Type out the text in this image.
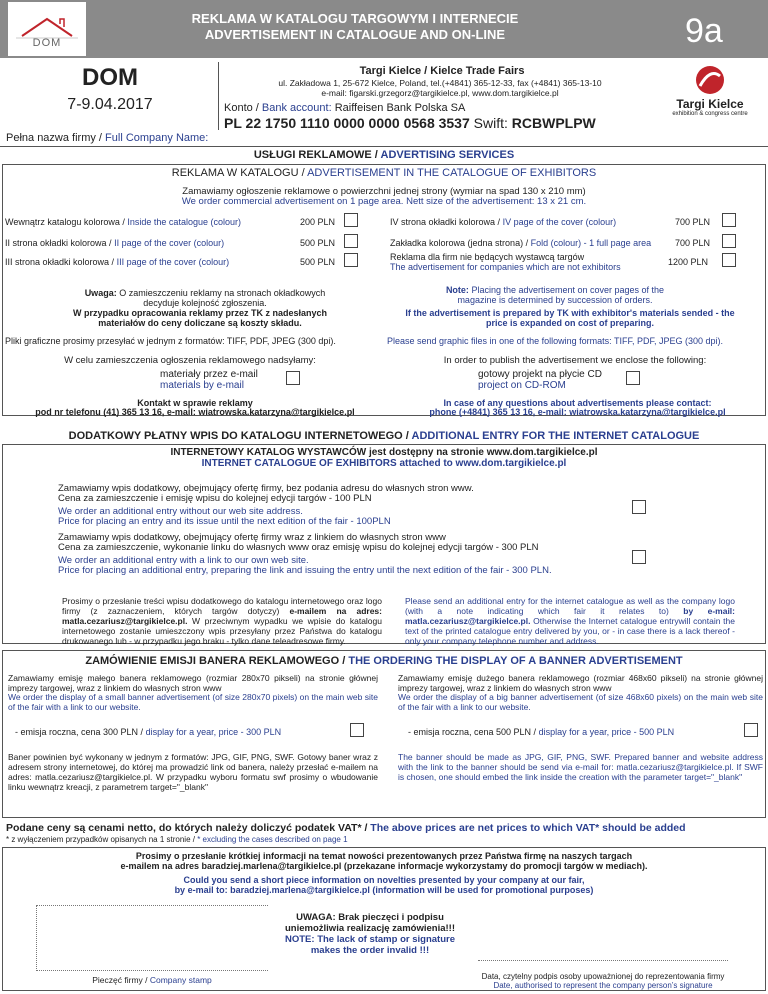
DOM
REKLAMA W KATALOGU TARGOWYM I INTERNECIE
ADVERTISEMENT IN CATALOGUE AND ON-LINE	9a
DOM
7-9.04.2017
Targi Kielce / Kielce Trade Fairs
ul. Zakładowa 1, 25-672 Kielce, Poland, tel.(+4841) 365-12-33, fax (+4841) 365-13-10
e-mail: figarski.grzegorz@targikielce.pl, www.dom.targikielce.pl
Konto / Bank account: Raiffeisen Bank Polska SA
PL 22 1750 1110 0000 0000 0568 3537 Swift: RCBWPLPW
Targi Kielce
exhibition & congress centre
Pełna nazwa firmy / Full Company Name:
USŁUGI REKLAMOWE / ADVERTISING SERVICES
REKLAMA W KATALOGU / ADVERTISEMENT IN THE CATALOGUE OF EXHIBITORS
Zamawiamy ogłoszenie reklamowe o powierzchni jednej strony (wymiar na spad 130 x 210 mm)
We order commercial advertisement on 1 page area. Nett size of the advertisement: 13 x 21 cm.
Wewnątrz katalogu kolorowa / Inside the catalogue (colour)	200 PLN
II strona okładki kolorowa / II page of the cover (colour)	500 PLN
III strona okładki kolorowa / III page of the cover (colour)	500 PLN
IV strona okładki kolorowa / IV page of the cover (colour)	700 PLN
Zakładka kolorowa (jedna strona) / Fold (colour) - 1 full page area	700 PLN
Reklama dla firm nie będących wystawcą targów
The advertisement for companies which are not exhibitors	1200 PLN
Uwaga: O zamieszczeniu reklamy na stronach okładkowych decyduje kolejność zgłoszenia.
Note: Placing the advertisement on cover pages of the magazine is determined by succession of orders.
W przypadku opracowania reklamy przez TK z nadesłanych materiałów do ceny doliczane są koszty składu.
If the advertisement is prepared by TK with exhibitor's materials sended - the price is expanded on cost of preparing.
Pliki graficzne prosimy przesyłać w jednym z formatów: TIFF, PDF, JPEG (300 dpi).	Please send graphic files in one of the following formats: TIFF, PDF, JPEG (300 dpi).
W celu zamieszczenia ogłoszenia reklamowego nadsyłamy:	In order to publish the advertisement we enclose the following:
materiały przez e-mail
materials by e-mail
gotowy projekt na płycie CD
project on CD-ROM
Kontakt w sprawie reklamy
pod nr telefonu (41) 365 13 16, e-mail: wiatrowska.katarzyna@targikielce.pl
In case of any questions about advertisements please contact:
phone (+4841) 365 13 16, e-mail: wiatrowska.katarzyna@targikielce.pl
DODATKOWY PŁATNY WPIS DO KATALOGU INTERNETOWEGO / ADDITIONAL ENTRY FOR THE INTERNET CATALOGUE
INTERNETOWY KATALOG WYSTAWCÓW jest dostępny na stronie www.dom.targikielce.pl
INTERNET CATALOGUE OF EXHIBITORS attached to www.dom.targikielce.pl
Zamawiamy wpis dodatkowy, obejmujący ofertę firmy, bez podania adresu do własnych stron www.
Cena za zamieszczenie i emisję wpisu do kolejnej edycji targów - 100 PLN
We order an additional entry without our web site address.
Price for placing an entry and its issue until the next edition of the fair - 100PLN
Zamawiamy wpis dodatkowy, obejmujący ofertę firmy wraz z linkiem do własnych stron www
Cena za zamieszczenie, wykonanie linku do własnych www oraz emisję wpisu do kolejnej edycji targów - 300 PLN
We order an additional entry with a link to our own web site.
Price for placing an additional entry, preparing the link and issuing the entry until the next edition of the fair - 300 PLN.
Prosimy o przesłanie treści wpisu dodatkowego do katalogu internetowego oraz logo firmy (z zaznaczeniem, których targów dotyczy) e-mailem na adres: matla.cezariusz@targikielce.pl. W przeciwnym wypadku we wpisie do katalogu internetowego zostanie umieszczony wpis przesyłany przez Państwa do katalogu drukowanego lub - w przypadku jego braku - tylko dane teleadresowe firmy.
Please send an additional entry for the internet catalogue as well as the company logo (with a note indicating which fair it relates to) by e-mail: matla.cezariusz@targikielce.pl. Otherwise the Internet catalogue entrywill contain the text of the printed catalogue entry delivered by you, or - in case there is a lack thereof - only your company telephone number and address.
ZAMÓWIENIE EMISJI BANERA REKLAMOWEGO / THE ORDERING THE DISPLAY OF A BANNER ADVERTISEMENT
Zamawiamy emisję małego banera reklamowego (rozmiar 280x70 pikseli) na stronie głównej imprezy targowej, wraz z linkiem do własnych stron www
We order the display of a small banner advertisement (of size 280x70 pixels) on the main web site of the fair with a link to our website.
Zamawiamy emisję dużego banera reklamowego (rozmiar 468x60 pikseli) na stronie głównej imprezy targowej, wraz z linkiem do własnych stron www
We order the display of a big banner advertisement (of size 468x60 pixels) on the main web site of the fair with a link to our website.
- emisja roczna, cena 300 PLN / display for a year, price - 300 PLN	- emisja roczna, cena 500 PLN / display for a year, price - 500 PLN
Baner powinien być wykonany w jednym z formatów: JPG, GIF, PNG, SWF. Gotowy baner wraz z adresem strony internetowej, do której ma prowadzić link od banera, należy przesłać e-mailem na adres: matla.cezariusz@targikielce.pl. W przypadku wyboru formatu swf prosimy o wbudowanie linku wewnątrz kreacji, z parametrem target="_blank"
The banner should be made as JPG, GIF, PNG, SWF. Prepared banner and website address with the link to the banner should be send via e-mail for: matla.cezariusz@targikielce.pl. If SWF is chosen, one should embed the link inside the creation with the parameter target="_blank"
Podane ceny są cenami netto, do których należy doliczyć podatek VAT* / The above prices are net prices to which VAT* should be added
* z wyłączeniem przypadków opisanych na 1 stronie / * excluding the cases described on page 1
Prosimy o przesłanie krótkiej informacji na temat nowości prezentowanych przez Państwa firmę na naszych targach
e-mailem na adres baradziej.marlena@targikielce.pl (przekazane informacje wykorzystamy do promocji targów w mediach).
Could you send a short piece information on novelties presented by your company at our fair,
by e-mail to: baradziej.marlena@targikielce.pl (information will be used for promotional purposes)
Pieczęć firmy / Company stamp
UWAGA: Brak pieczęci i podpisu
uniemożliwia realizację zamówienia!!!
NOTE: The lack of stamp or signature
makes the order invalid !!!
Data, czytelny podpis osoby upoważnionej do reprezentowania firmy
Date, authorised to represent the company person’s signature
